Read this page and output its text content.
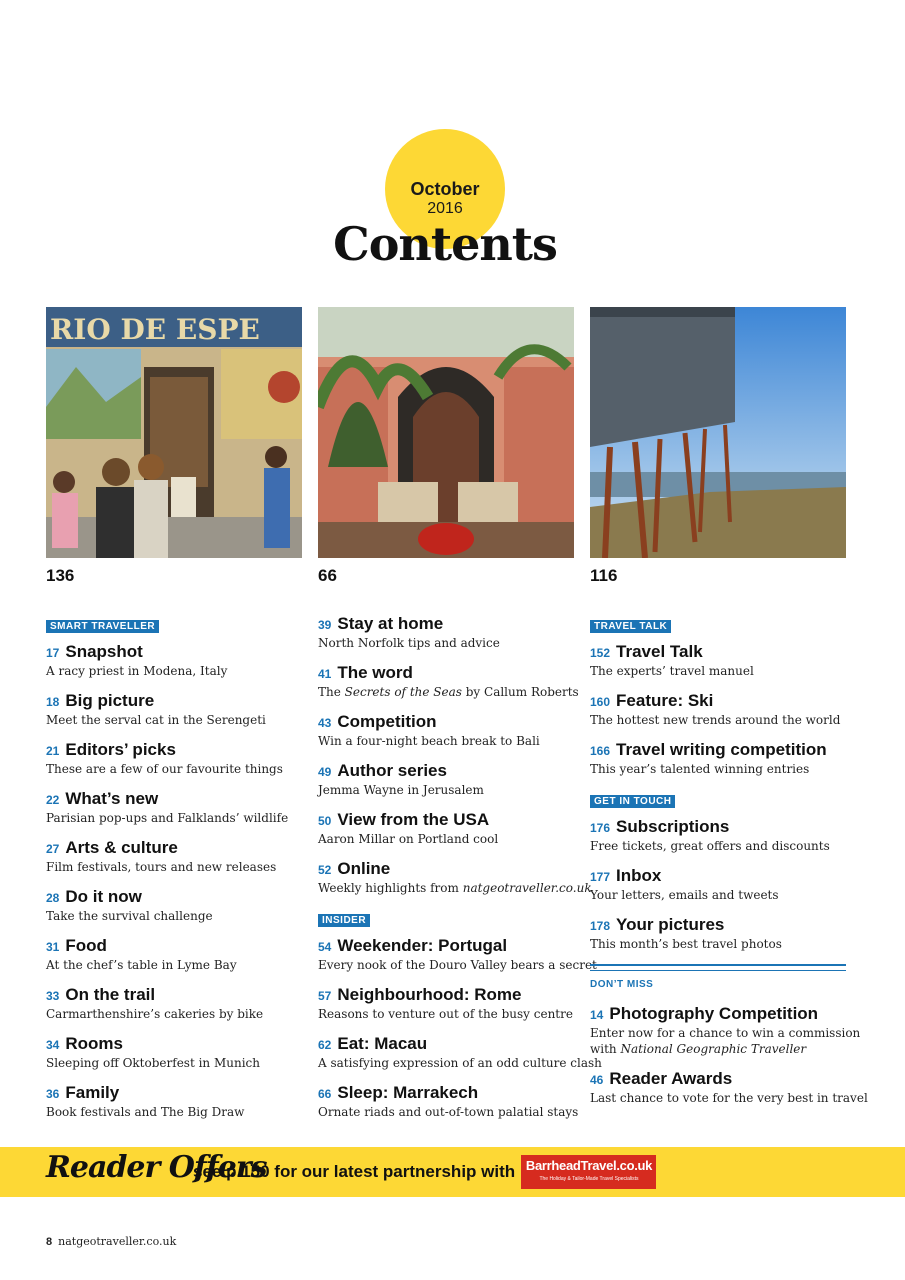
October
2016
Contents
RIO DE ESPE
136	66	116
SMART TRAVELLER
17 Snapshot
A racy priest in Modena, Italy
18 Big picture
Meet the serval cat in the Serengeti
21 Editors’ picks
These are a few of our favourite things
22 What’s new
Parisian pop-ups and Falklands’ wildlife
27 Arts & culture
Film festivals, tours and new releases
28 Do it now
Take the survival challenge
31 Food
At the chef’s table in Lyme Bay
33 On the trail
Carmarthenshire’s cakeries by bike
34 Rooms
Sleeping off Oktoberfest in Munich
36 Family
Book festivals and The Big Draw
39 Stay at home
North Norfolk tips and advice
41 The word
The Secrets of the Seas by Callum Roberts
43 Competition
Win a four-night beach break to Bali
49 Author series
Jemma Wayne in Jerusalem
50 View from the USA
Aaron Millar on Portland cool
52 Online
Weekly highlights from natgeotraveller.co.uk
INSIDER
54 Weekender: Portugal
Every nook of the Douro Valley bears a secret
57 Neighbourhood: Rome
Reasons to venture out of the busy centre
62 Eat: Macau
A satisfying expression of an odd culture clash
66 Sleep: Marrakech
Ornate riads and out-of-town palatial stays
TRAVEL TALK
152 Travel Talk
The experts’ travel manuel
160 Feature: Ski
The hottest new trends around the world
166 Travel writing competition
This year’s talented winning entries
GET IN TOUCH
176 Subscriptions
Free tickets, great offers and discounts
177 Inbox
Your letters, emails and tweets
178 Your pictures
This month’s best travel photos
DON’T MISS
14 Photography Competition
Enter now for a chance to win a commission
with National Geographic Traveller
46 Reader Awards
Last chance to vote for the very best in travel
Reader Offers
see p.150 for our latest partnership with BarrheadTravel.co.uk
The Holiday & Tailor-Made Travel Specialists
8 natgeotraveller.co.uk
